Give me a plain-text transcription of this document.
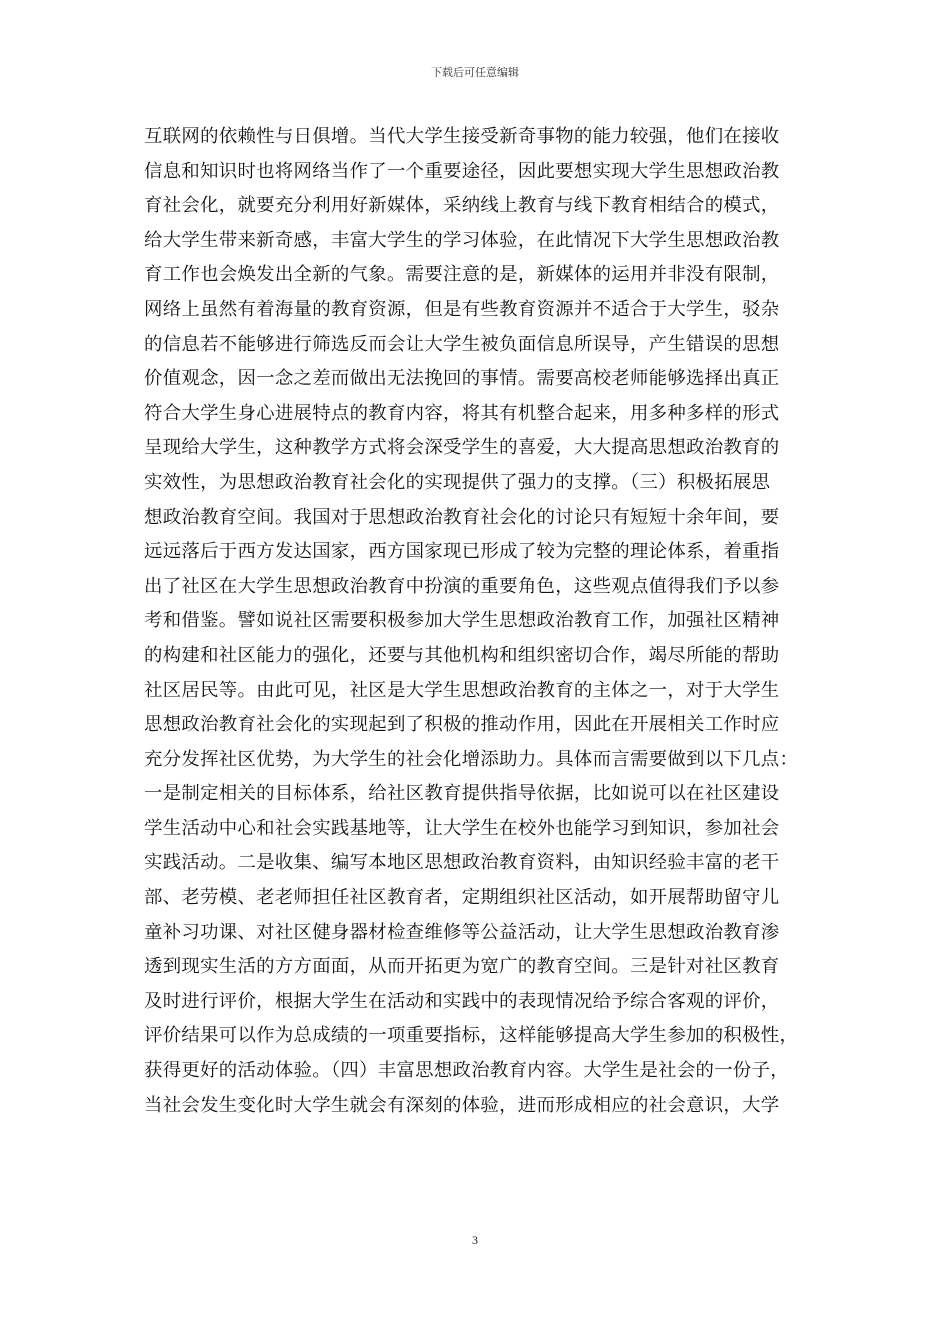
下载后可任意编辑
互联网的依赖性与日俱增。当代大学生接受新奇事物的能力较强，他们在接收
信息和知识时也将网络当作了一个重要途径，因此要想实现大学生思想政治教
育社会化，就要充分利用好新媒体，采纳线上教育与线下教育相结合的模式，
给大学生带来新奇感，丰富大学生的学习体验，在此情况下大学生思想政治教
育工作也会焕发出全新的气象。需要注意的是，新媒体的运用并非没有限制，
网络上虽然有着海量的教育资源，但是有些教育资源并不适合于大学生，驳杂
的信息若不能够进行筛选反而会让大学生被负面信息所误导，产生错误的思想
价值观念，因一念之差而做出无法挽回的事情。需要高校老师能够选择出真正
符合大学生身心进展特点的教育内容，将其有机整合起来，用多种多样的形式
呈现给大学生，这种教学方式将会深受学生的喜爱，大大提高思想政治教育的
实效性，为思想政治教育社会化的实现提供了强力的支撑。（三）积极拓展思
想政治教育空间。我国对于思想政治教育社会化的讨论只有短短十余年间，要
远远落后于西方发达国家，西方国家现已形成了较为完整的理论体系，着重指
出了社区在大学生思想政治教育中扮演的重要角色，这些观点值得我们予以参
考和借鉴。譬如说社区需要积极参加大学生思想政治教育工作，加强社区精神
的构建和社区能力的强化，还要与其他机构和组织密切合作，竭尽所能的帮助
社区居民等。由此可见，社区是大学生思想政治教育的主体之一，对于大学生
思想政治教育社会化的实现起到了积极的推动作用，因此在开展相关工作时应
充分发挥社区优势，为大学生的社会化增添助力。具体而言需要做到以下几点：
一是制定相关的目标体系，给社区教育提供指导依据，比如说可以在社区建设
学生活动中心和社会实践基地等，让大学生在校外也能学习到知识，参加社会
实践活动。二是收集、编写本地区思想政治教育资料，由知识经验丰富的老干
部、老劳模、老老师担任社区教育者，定期组织社区活动，如开展帮助留守儿
童补习功课、对社区健身器材检查维修等公益活动，让大学生思想政治教育渗
透到现实生活的方方面面，从而开拓更为宽广的教育空间。三是针对社区教育
及时进行评价，根据大学生在活动和实践中的表现情况给予综合客观的评价，
评价结果可以作为总成绩的一项重要指标，这样能够提高大学生参加的积极性，
获得更好的活动体验。（四）丰富思想政治教育内容。大学生是社会的一份子，
当社会发生变化时大学生就会有深刻的体验，进而形成相应的社会意识，大学
3
